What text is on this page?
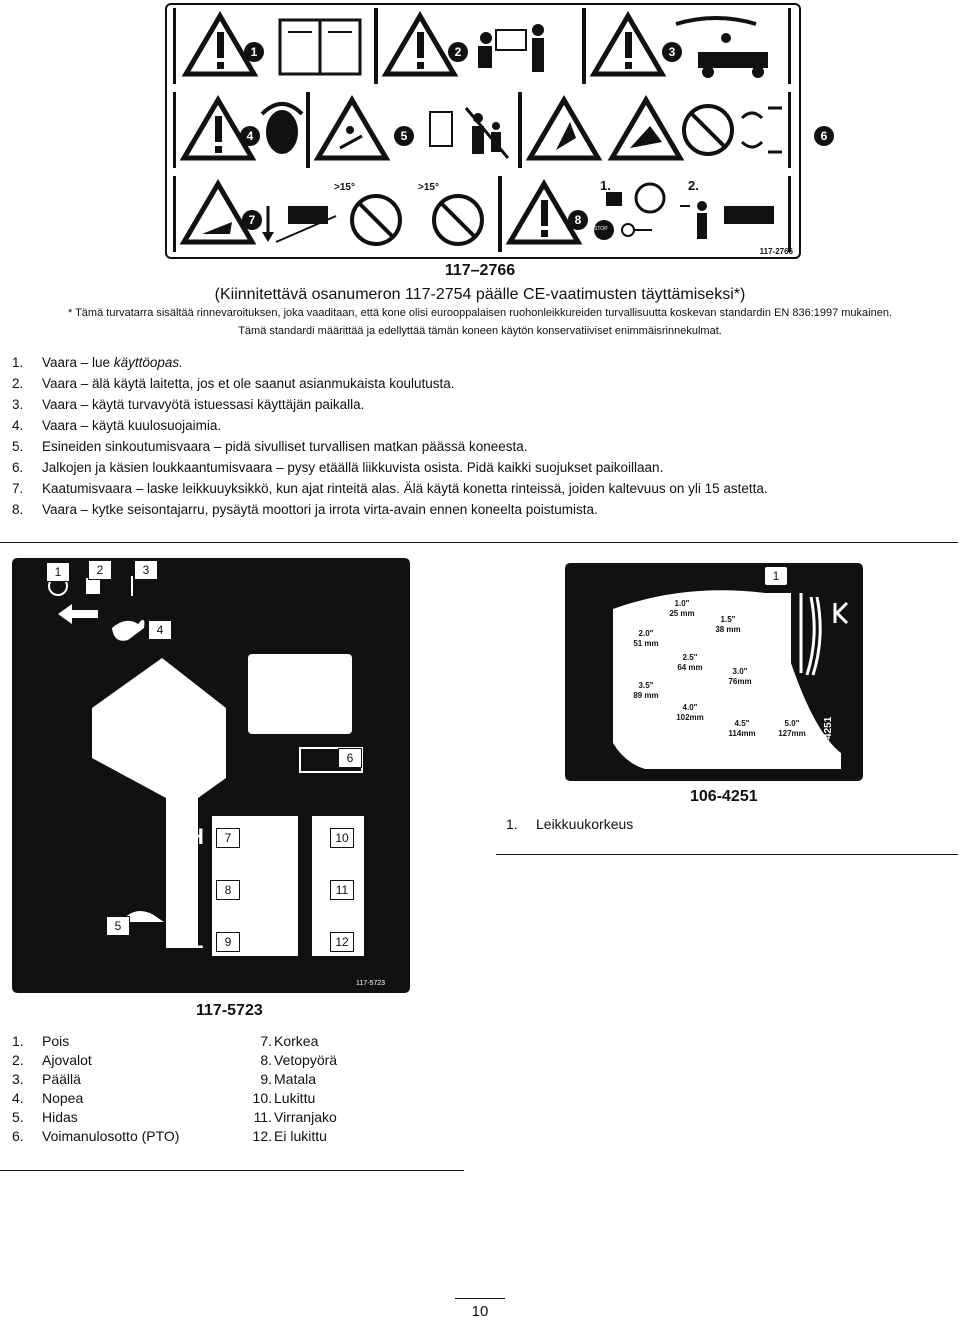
1	2	3
4	5	6
7
>15°	>15°
8
1.	2.
STOP
117-2766
117–2766
(Kiinnitettävä osanumeron 117-2754 päälle CE-vaatimusten täyttämiseksi*)
* Tämä turvatarra sisältää rinnevaroituksen, joka vaaditaan, että kone olisi eurooppalaisen ruohonleikkureiden turvallisuutta koskevan standardin EN 836:1997 mukainen.
Tämä standardi määrittää ja edellyttää tämän koneen käytön konservatiiviset enimmäisrinnekulmat.
1. Vaara – lue käyttöopas.
2. Vaara – älä käytä laitetta, jos et ole saanut asianmukaista koulutusta.
3. Vaara – käytä turvavyötä istuessasi käyttäjän paikalla.
4. Vaara – käytä kuulosuojaimia.
5. Esineiden sinkoutumisvaara – pidä sivulliset turvallisen matkan päässä koneesta.
6. Jalkojen ja käsien loukkaantumisvaara – pysy etäällä liikkuvista osista. Pidä kaikki suojukset paikoillaan.
7. Kaatumisvaara – laske leikkuuyksikkö, kun ajat rinteitä alas. Älä käytä konetta rinteissä, joiden kaltevuus on yli 15 astetta.
8. Vaara – kytke seisontajarru, pysäytä moottori ja irrota virta-avain ennen koneelta poistumista.
1	2	3
4
5
6
7
8
9
10
11
12
H
L
117-5723
117-5723
1. Pois
2. Ajovalot
3. Päällä
4. Nopea
5. Hidas
6. Voimanulosotto (PTO)
7. Korkea
8. Vetopyörä
9. Matala
10. Lukittu
11. Virranjako
12. Ei lukittu
1
1.0"
25 mm
1.5"
38 mm
2.0"
51 mm
2.5"
64 mm	3.0"
76mm
3.5"
89 mm
4.0"
102mm
4.5"
114mm
5.0"
127mm 106-4251
106-4251
1. Leikkuukorkeus
10
